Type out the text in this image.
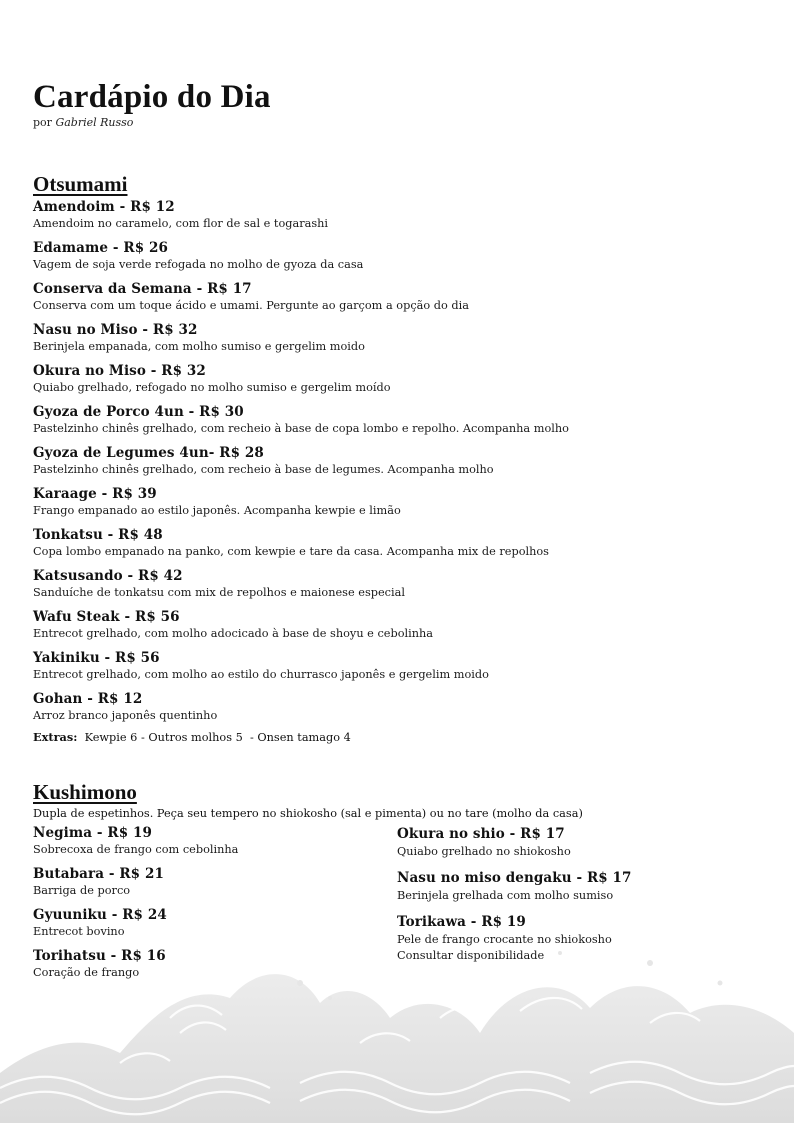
Cardápio do Dia
por Gabriel Russo
Otsumami
Amendoim - R$ 12
Amendoim no caramelo, com flor de sal e togarashi
Edamame - R$ 26
Vagem de soja verde refogada no molho de gyoza da casa
Conserva da Semana - R$ 17
Conserva com um toque ácido e umami. Pergunte ao garçom a opção do dia
Nasu no Miso - R$ 32
Berinjela empanada, com molho sumiso e gergelim moido
Okura no Miso - R$ 32
Quiabo grelhado, refogado no molho sumiso e gergelim moído
Gyoza de Porco 4un - R$ 30
Pastelzinho chinês grelhado, com recheio à base de copa lombo e repolho. Acompanha molho
Gyoza de Legumes 4un- R$ 28
Pastelzinho chinês grelhado, com recheio à base de legumes. Acompanha molho
Karaage - R$ 39
Frango empanado ao estilo japonês. Acompanha kewpie e limão
Tonkatsu - R$ 48
Copa lombo empanado na panko, com kewpie e tare da casa. Acompanha mix de repolhos
Katsusando - R$ 42
Sanduíche de tonkatsu com mix de repolhos e maionese especial
Wafu Steak - R$ 56
Entrecot grelhado, com molho adocicado à base de shoyu e cebolinha
Yakiniku - R$ 56
Entrecot grelhado, com molho ao estilo do churrasco japonês e gergelim moido
Gohan - R$ 12
Arroz branco japonês quentinho
Extras: Kewpie 6 - Outros molhos 5  - Onsen tamago 4
Kushimono
Dupla de espetinhos. Peça seu tempero no shiokosho (sal e pimenta) ou no tare (molho da casa)
Negima - R$ 19
Sobrecoxa de frango com cebolinha
Butabara - R$ 21
Barriga de porco
Gyuuniku - R$ 24
Entrecot bovino
Torihatsu - R$ 16
Coração de frango
Okura no shio - R$ 17
Quiabo grelhado no shiokosho
Nasu no miso dengaku - R$ 17
Berinjela grelhada com molho sumiso
Torikawa - R$ 19
Pele de frango crocante no shiokosho
Consultar disponibilidade
